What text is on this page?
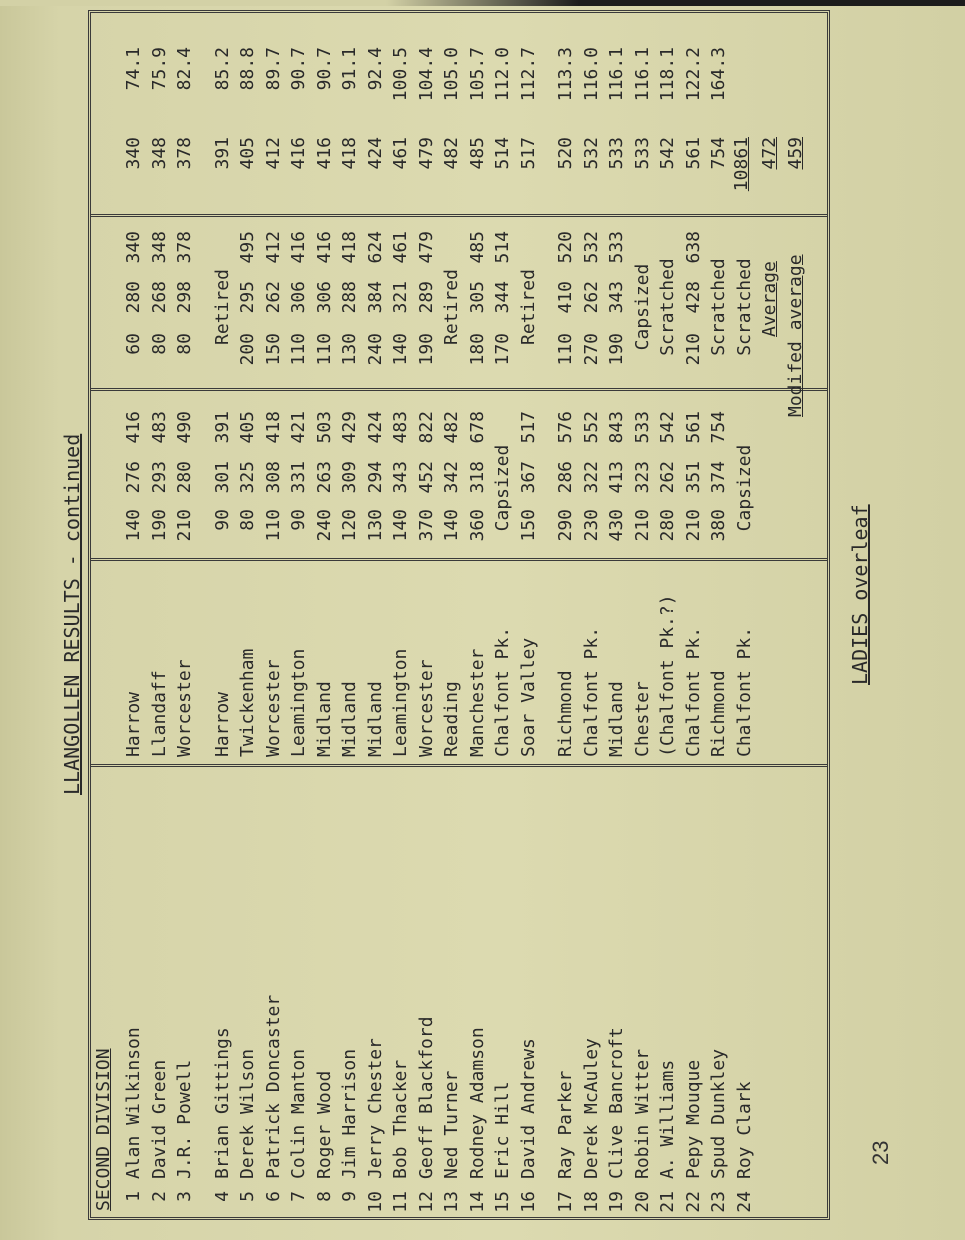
LLANGOLLEN RESULTS - continued
SECOND DIVISION 1
Alan Wilkinson
Harrow
140
276
416
60
280
340
340
74.1
2
David Green
Llandaff
190
293
483
80
268
348
348
75.9
3
J.R. Powell
Worcester
210
280
490
80
298
378
378
82.4
4
Brian Gittings
Harrow
90
301
391
391
85.2
Retired
5
Derek Wilson
Twickenham
80
325
405
200
295
495
405
88.8
6
Patrick Doncaster
Worcester
110
308
418
150
262
412
412
89.7
7
Colin Manton
Leamington
90
331
421
110
306
416
416
90.7
8
Roger Wood
Midland
240
263
503
110
306
416
416
90.7
9
Jim Harrison
Midland
120
309
429
130
288
418
418
91.1
10
Jerry Chester
Midland
130
294
424
240
384
624
424
92.4
11
Bob Thacker
Leamington
140
343
483
140
321
461
461
100.5
12
Geoff Blackford
Worcester
370
452
822
190
289
479
479
104.4
13
Ned Turner
Reading
140
342
482
482
105.0
Retired
14
Rodney Adamson
Manchester
360
318
678
180
305
485
485
105.7
15
Eric Hill
Chalfont Pk.
170
344
514
514
112.0
Capsized
16
David Andrews
Soar Valley
150
367
517
517
112.7
Retired
17
Ray Parker
Richmond
290
286
576
110
410
520
520
113.3
18
Derek McAuley
Chalfont Pk.
230
322
552
270
262
532
532
116.0
19
Clive Bancroft
Midland
430
413
843
190
343
533
533
116.1
20
Robin Witter
Chester
210
323
533
533
116.1
Capsized
21
A. Williams
(Chalfont Pk.?)
280
262
542
542
118.1
Scratched
22
Pepy Mouque
Chalfont Pk.
210
351
561
210
428
638
561
122.2
23
Spud Dunkley
Richmond
380
374
754
754
164.3
Scratched
24
Roy Clark
Chalfont Pk.
Capsized
Scratched
10861
Average
472
Modifed average
459
LADIES overleaf
23
